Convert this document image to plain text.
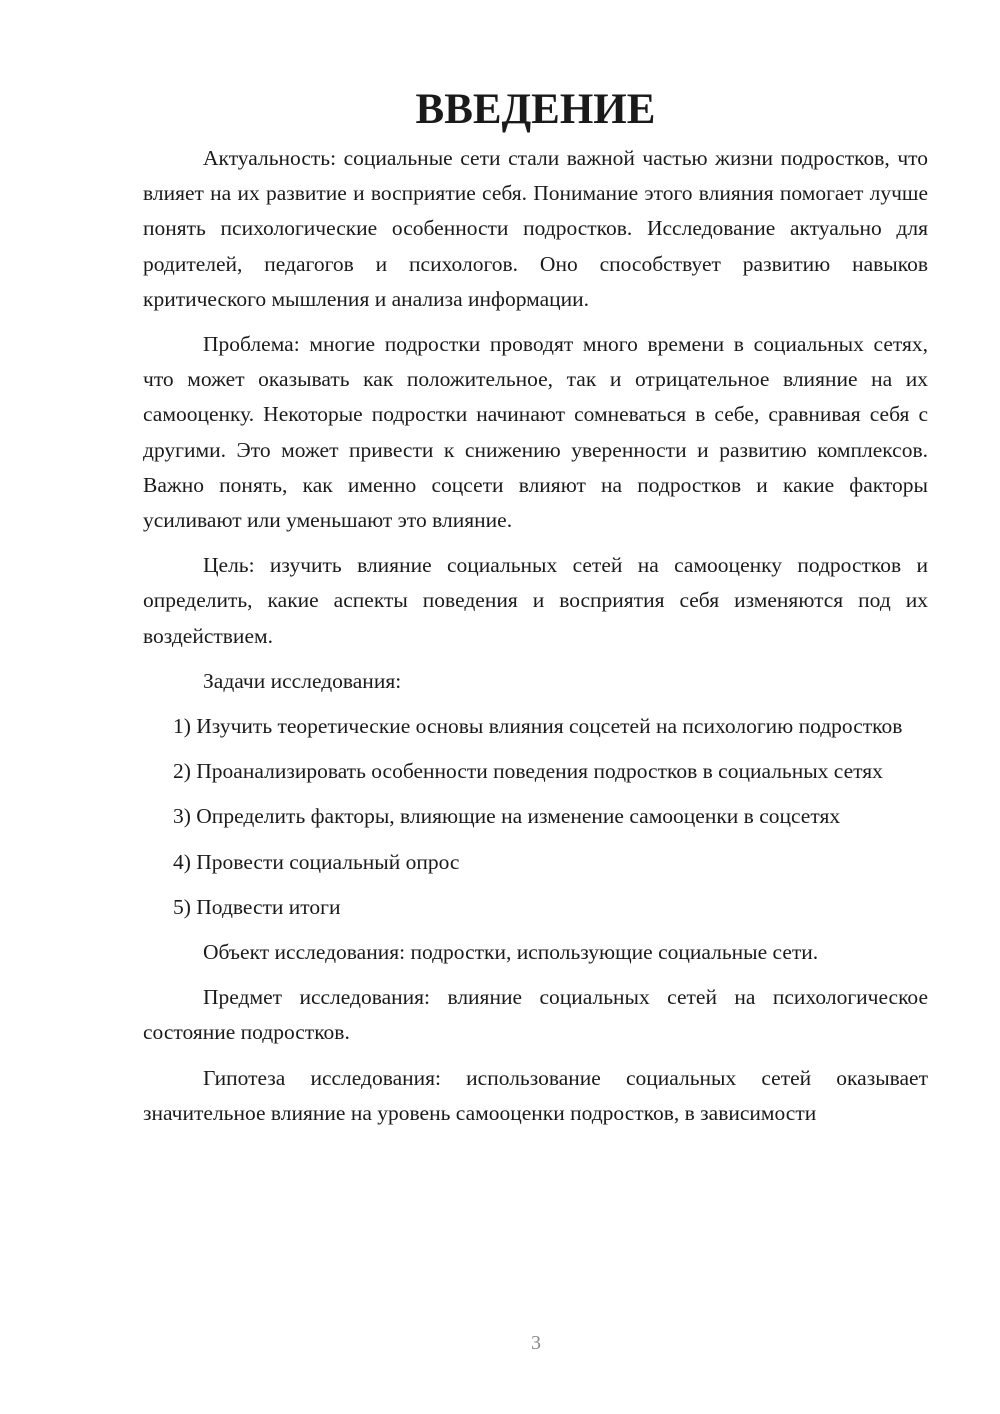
ВВЕДЕНИЕ

Актуальность: социальные сети стали важной частью жизни подростков, что влияет на их развитие и восприятие себя. Понимание этого влияния помогает лучше понять психологические особенности подростков. Исследование актуально для родителей, педагогов и психологов. Оно способствует развитию навыков критического мышления и анализа информации.

Проблема: многие подростки проводят много времени в социальных сетях, что может оказывать как положительное, так и отрицательное влияние на их самооценку. Некоторые подростки начинают сомневаться в себе, сравнивая себя с другими. Это может привести к снижению уверенности и развитию комплексов. Важно понять, как именно соцсети влияют на подростков и какие факторы усиливают или уменьшают это влияние.

Цель: изучить влияние социальных сетей на самооценку подростков и определить, какие аспекты поведения и восприятия себя изменяются под их воздействием.

Задачи исследования:

1) Изучить теоретические основы влияния соцсетей на психологию подростков

2) Проанализировать особенности поведения подростков в социальных сетях

3) Определить факторы, влияющие на изменение самооценки в соцсетях

4) Провести социальный опрос

5) Подвести итоги

Объект исследования: подростки, использующие социальные сети.

Предмет исследования: влияние социальных сетей на психологическое состояние подростков.

Гипотеза исследования: использование социальных сетей оказывает значительное влияние на уровень самооценки подростков, в зависимости

3
